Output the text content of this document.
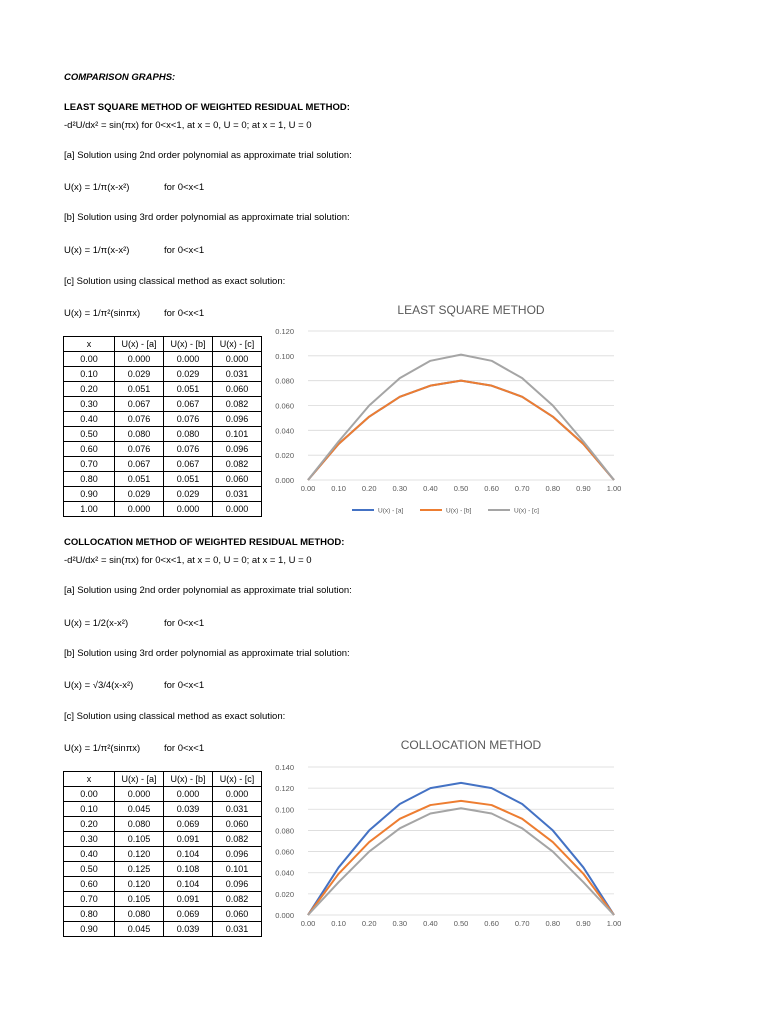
COMPARISON GRAPHS:
LEAST SQUARE METHOD OF WEIGHTED RESIDUAL METHOD:
-d²U/dx² = sin(πx) for 0<x<1, at x = 0, U = 0; at x = 1, U = 0
[a] Solution using 2nd order polynomial as approximate trial solution:
U(x) = 1/π(x-x²)	for 0<x<1
[b] Solution using 3rd order polynomial as approximate trial solution:
U(x) = 1/π(x-x²)	for 0<x<1
[c] Solution using classical method as exact solution:
U(x) = 1/π²(sinπx)	for 0<x<1
x	U(x) - [a]	U(x) - [b]	U(x) - [c]
0.00	0.000	0.000	0.000
0.10	0.029	0.029	0.031
0.20	0.051	0.051	0.060
0.30	0.067	0.067	0.082
0.40	0.076	0.076	0.096
0.50	0.080	0.080	0.101
0.60	0.076	0.076	0.096
0.70	0.067	0.067	0.082
0.80	0.051	0.051	0.060
0.90	0.029	0.029	0.031
1.00	0.000	0.000	0.000
LEAST SQUARE METHOD
0.000
0.020
0.040
0.060
0.080
0.100
0.120
0.00 0.10 0.20 0.30 0.40 0.50 0.60 0.70 0.80 0.90 1.00
U(x) - [a]	U(x) - [b]	U(x) - [c]
COLLOCATION METHOD OF WEIGHTED RESIDUAL METHOD:
-d²U/dx² = sin(πx) for 0<x<1, at x = 0, U = 0; at x = 1, U = 0
[a] Solution using 2nd order polynomial as approximate trial solution:
U(x) = 1/2(x-x²)	for 0<x<1
[b] Solution using 3rd order polynomial as approximate trial solution:
U(x) = √3/4(x-x²)	for 0<x<1
[c] Solution using classical method as exact solution:
U(x) = 1/π²(sinπx)	for 0<x<1
x	U(x) - [a]	U(x) - [b]	U(x) - [c]
0.00	0.000	0.000	0.000
0.10	0.045	0.039	0.031
0.20	0.080	0.069	0.060
0.30	0.105	0.091	0.082
0.40	0.120	0.104	0.096
0.50	0.125	0.108	0.101
0.60	0.120	0.104	0.096
0.70	0.105	0.091	0.082
0.80	0.080	0.069	0.060
0.90	0.045	0.039	0.031
COLLOCATION METHOD
0.000
0.020
0.040
0.060
0.080
0.100
0.120
0.140
0.00 0.10 0.20 0.30 0.40 0.50 0.60 0.70 0.80 0.90 1.00
